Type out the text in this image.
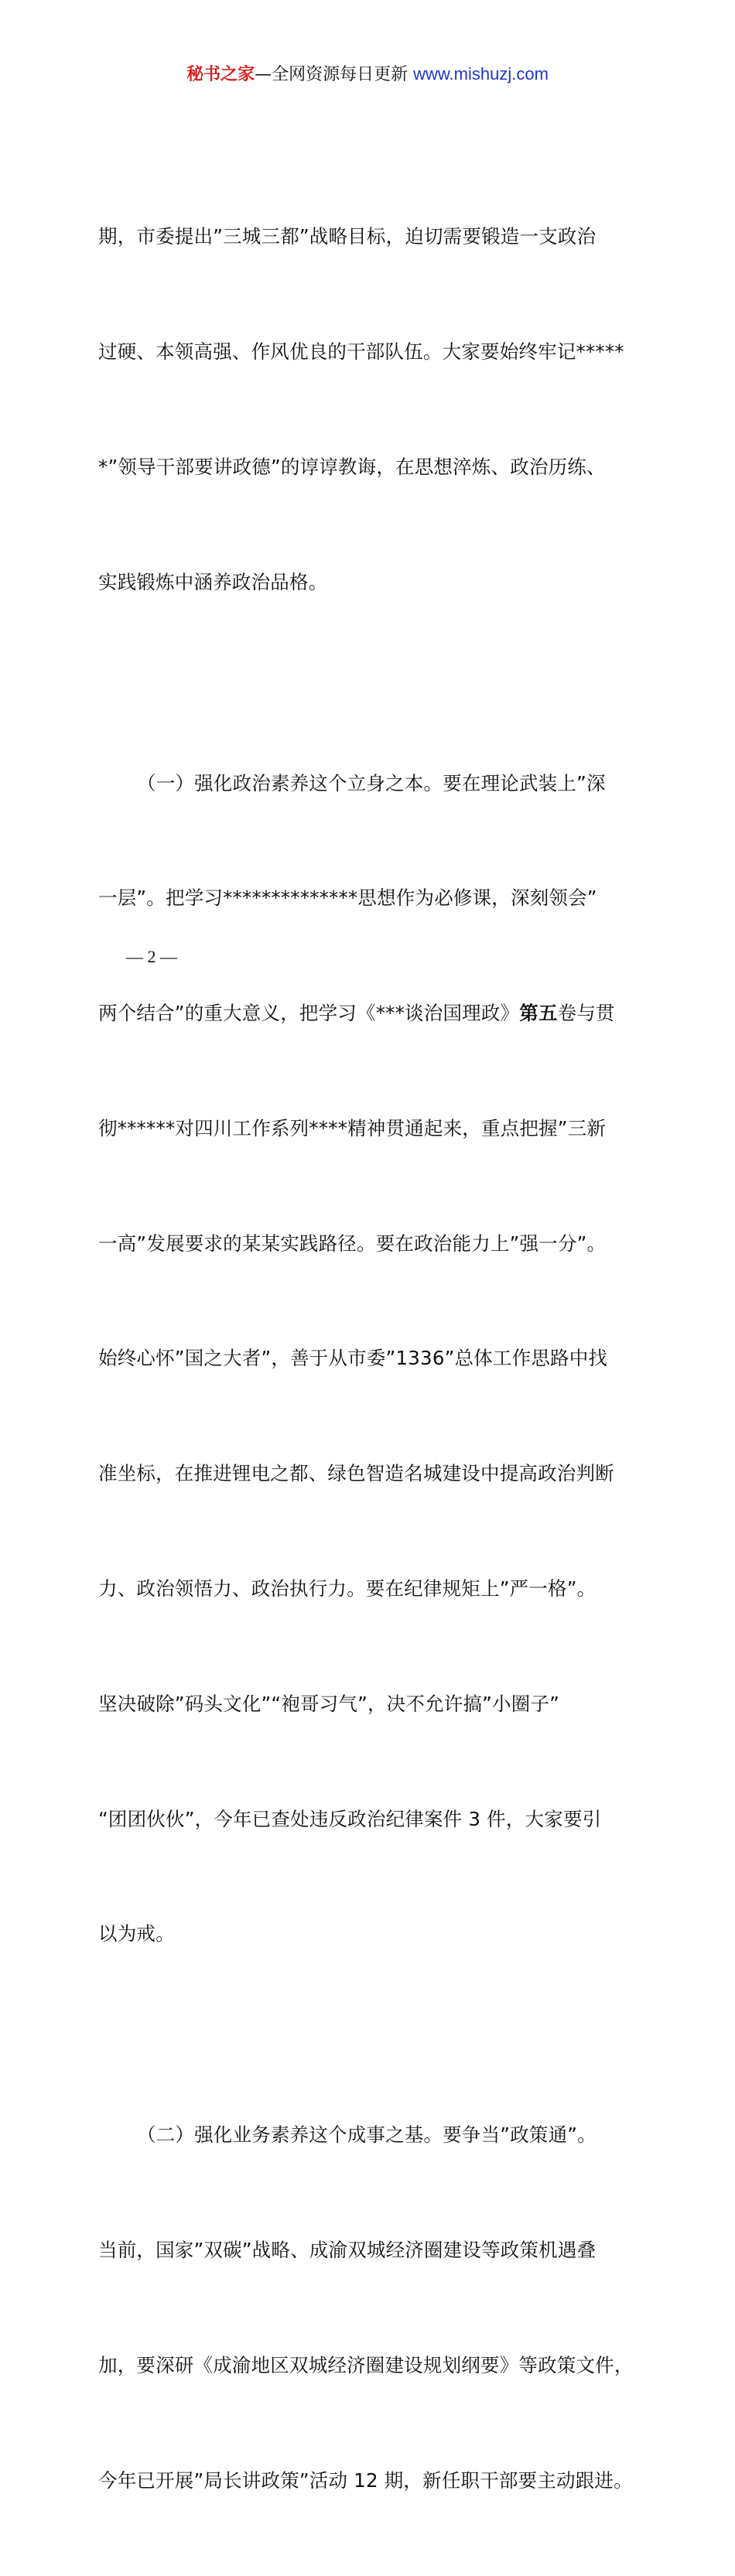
秘书之家—全网资源每日更新 www.mishuzj.com

期，市委提出”三城三都”战略目标，迫切需要锻造一支政治

过硬、本领高强、作风优良的干部队伍。大家要始终牢记*****

*”领导干部要讲政德”的谆谆教诲，在思想淬炼、政治历练、

实践锻炼中涵养政治品格。

（一）强化政治素养这个立身之本。要在理论武装上”深

一层”。把学习**************思想作为必修课，深刻领会”

两个结合”的重大意义，把学习《***谈治国理政》第五卷与贯

彻******对四川工作系列****精神贯通起来，重点把握”三新

一高”发展要求的某某实践路径。要在政治能力上”强一分”。

始终心怀”国之大者”，善于从市委”1336”总体工作思路中找

准坐标，在推进锂电之都、绿色智造名城建设中提高政治判断

力、政治领悟力、政治执行力。要在纪律规矩上”严一格”。

坚决破除”码头文化”“袍哥习气”，决不允许搞”小圈子”

“团团伙伙”，今年已查处违反政治纪律案件 3 件，大家要引

以为戒。

（二）强化业务素养这个成事之基。要争当”政策通”。

当前，国家”双碳”战略、成渝双城经济圈建设等政策机遇叠

加，要深研《成渝地区双城经济圈建设规划纲要》等政策文件，

今年已开展”局长讲政策”活动 12 期，新任职干部要主动跟进。

— 2 —
